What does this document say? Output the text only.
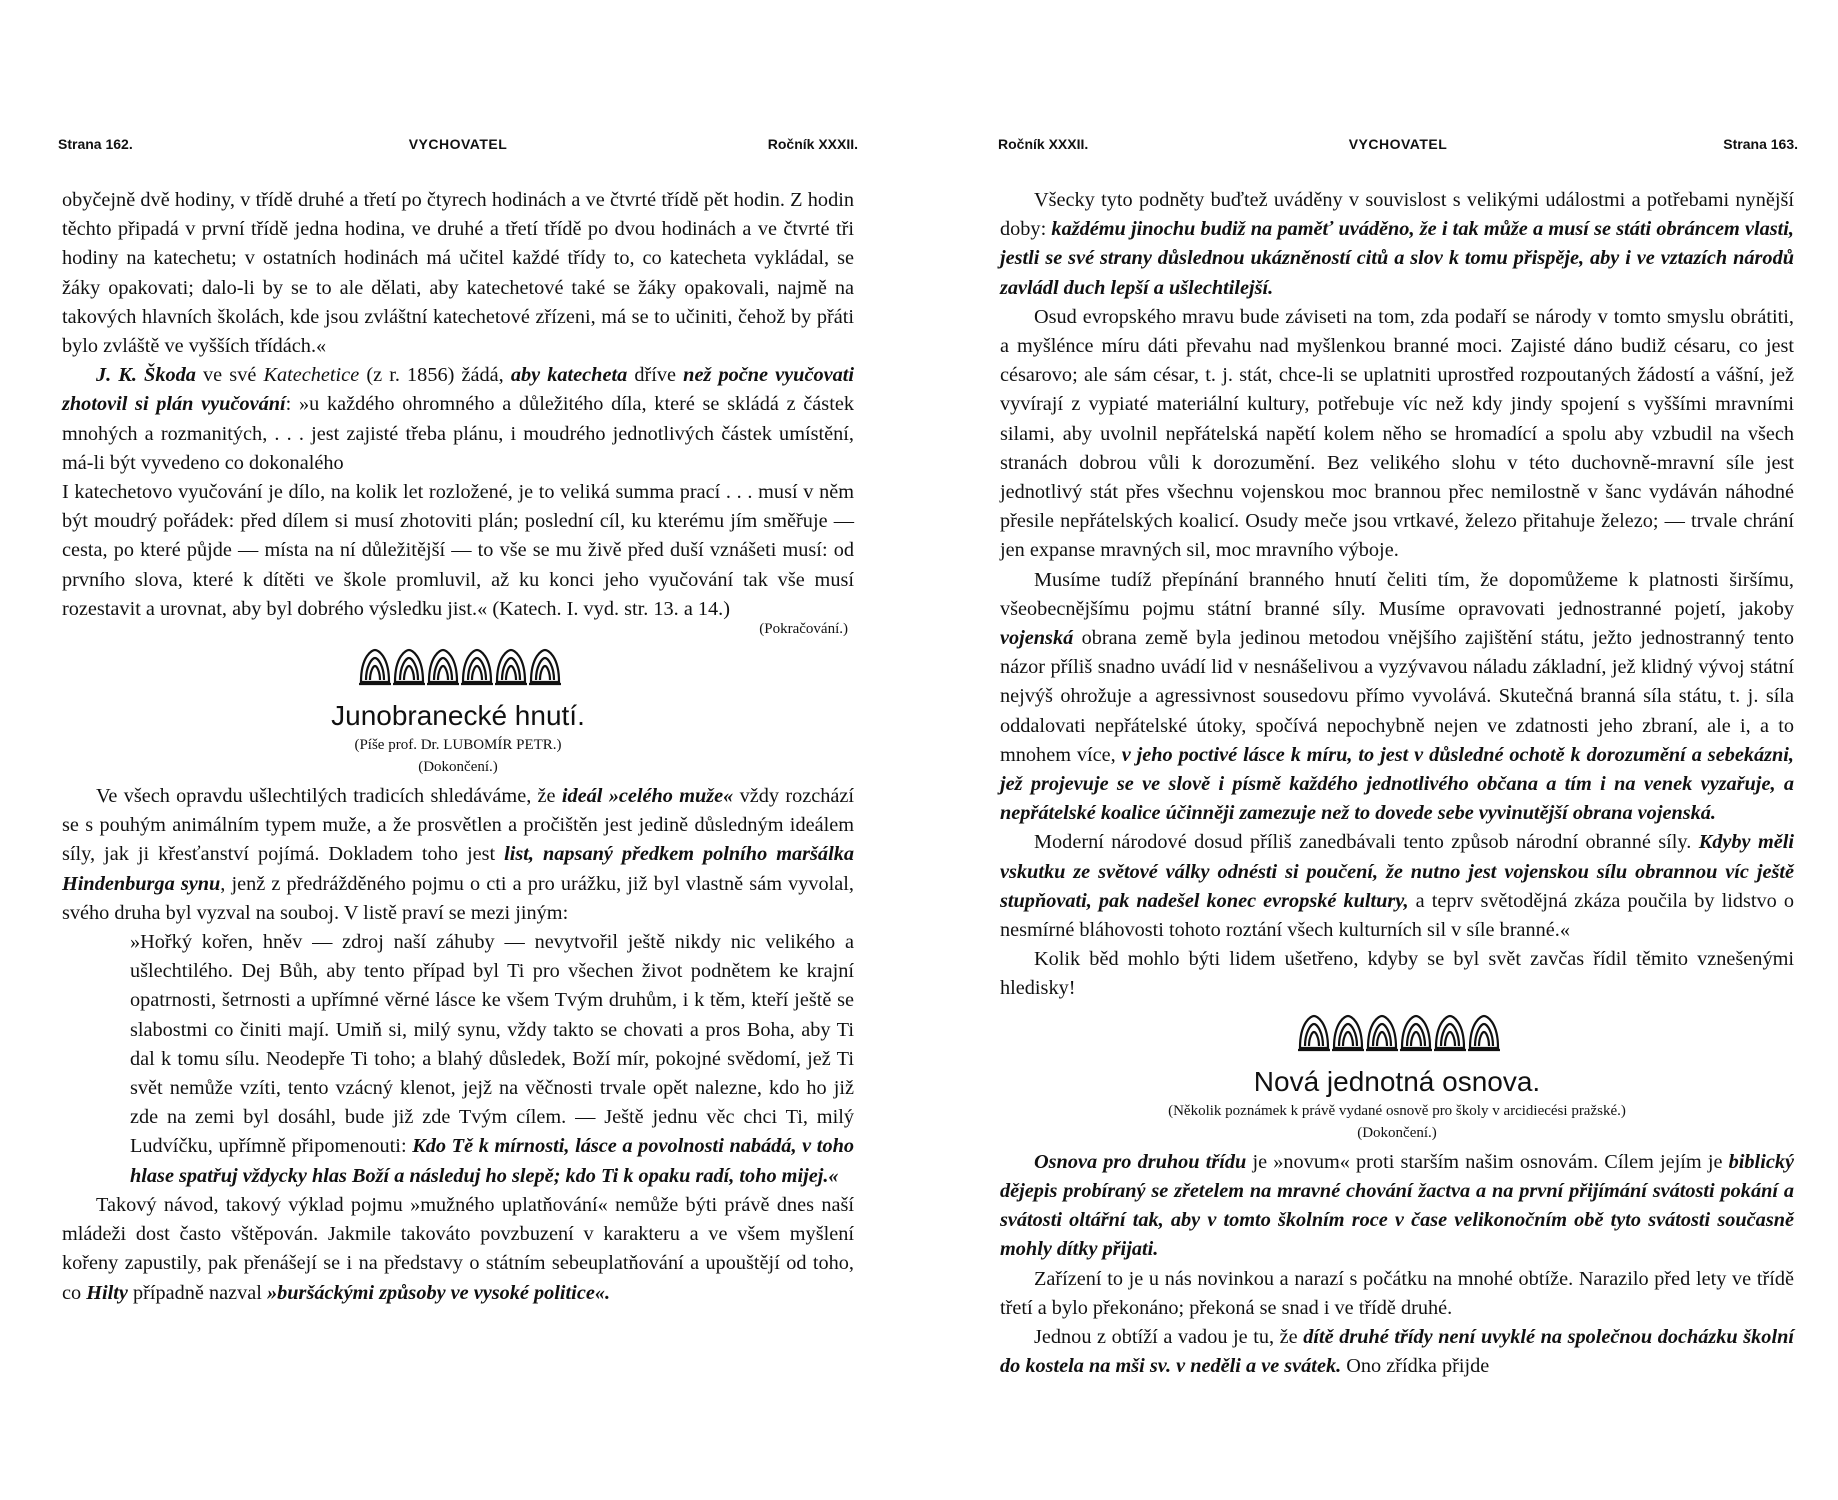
Strana 162.	VYCHOVATEL	Ročník XXXII.

obyčejně dvě hodiny, v třídě druhé a třetí po čtyrech hodinách a ve čtvrté třídě pět hodin. Z hodin těchto připadá v první třídě jedna hodina, ve druhé a třetí třídě po dvou hodinách a ve čtvrté tři hodiny na katechetu; v ostatních hodinách má učitel každé třídy to, co katecheta vykládal, se žáky opakovati; dalo-li by se to ale dělati, aby katechetové také se žáky opakovali, najmě na takových hlavních školách, kde jsou zvláštní katechetové zřízeni, má se to učiniti, čehož by přáti bylo zvláště ve vyšších třídách.«

J. K. Škoda ve své Katechetice (z r. 1856) žádá, aby katecheta dříve než počne vyučovati zhotovil si plán vyučování: »u každého ohromného a důležitého díla, které se skládá z částek mnohých a rozmanitých, . . . jest zajisté třeba plánu, i moudrého jednotlivých částek umístění, má-li být vyvedeno co dokonalého

I katechetovo vyučování je dílo, na kolik let rozložené, je to veliká summa prací . . . musí v něm být moudrý pořádek: před dílem si musí zhotoviti plán; poslední cíl, ku kterému jím směřuje — cesta, po které půjde — místa na ní důležitější — to vše se mu živě před duší vznášeti musí: od prvního slova, které k dítěti ve škole promluvil, až ku konci jeho vyučování tak vše musí rozestavit a urovnat, aby byl dobrého výsledku jist.« (Katech. I. vyd. str. 13. a 14.)

(Pokračování.)
Junobranecké hnutí.
(Píše prof. Dr. LUBOMÍR PETR.)
(Dokončení.)

Ve všech opravdu ušlechtilých tradicích shledáváme, že ideál »celého muže« vždy rozchází se s pouhým animálním typem muže, a že prosvětlen a pročištěn jest jedině důsledným ideálem síly, jak ji křesťanství pojímá. Dokladem toho jest list, napsaný předkem polního maršálka Hindenburga synu, jenž z předrážděného pojmu o cti a pro urážku, již byl vlastně sám vyvolal, svého druha byl vyzval na souboj. V listě praví se mezi jiným:

»Hořký kořen, hněv — zdroj naší záhuby — nevytvořil ještě nikdy nic velikého a ušlechtilého. Dej Bůh, aby tento případ byl Ti pro všechen život podnětem ke krajní opatrnosti, šetrnosti a upřímné věrné lásce ke všem Tvým druhům, i k těm, kteří ještě se slabostmi co činiti mají. Umiň si, milý synu, vždy takto se chovati a pros Boha, aby Ti dal k tomu sílu. Neodepře Ti toho; a blahý důsledek, Boží mír, pokojné svědomí, jež Ti svět nemůže vzíti, tento vzácný klenot, jejž na věčnosti trvale opět nalezne, kdo ho již zde na zemi byl dosáhl, bude již zde Tvým cílem. — Ještě jednu věc chci Ti, milý Ludvíčku, upřímně připomenouti: Kdo Tě k mírnosti, lásce a povolnosti nabádá, v toho hlase spatřuj vždycky hlas Boží a následuj ho slepě; kdo Ti k opaku radí, toho mijej.«

Takový návod, takový výklad pojmu »mužného uplatňování« nemůže býti právě dnes naší mládeži dost často vštěpován. Jakmile takováto povzbuzení v karakteru a ve všem myšlení kořeny zapustily, pak přenášejí se i na představy o státním sebeuplatňování a upouštějí od toho, co Hilty případně nazval »buršáckými způsoby ve vysoké politice«.

Ročník XXXII.	VYCHOVATEL	Strana 163.

Všecky tyto podněty buďtež uváděny v souvislost s velikými událostmi a potřebami nynější doby: každému jinochu budiž na paměť uváděno, že i tak může a musí se státi obráncem vlasti, jestli se své strany důslednou ukázněností citů a slov k tomu přispěje, aby i ve vztazích národů zavládl duch lepší a ušlechtilejší.

Osud evropského mravu bude záviseti na tom, zda podaří se národy v tomto smyslu obrátiti, a myšlénce míru dáti převahu nad myšlenkou branné moci. Zajisté dáno budiž césaru, co jest césarovo; ale sám césar, t. j. stát, chce-li se uplatniti uprostřed rozpoutaných žádostí a vášní, jež vyvírají z vypiaté materiální kultury, potřebuje víc než kdy jindy spojení s vyššími mravními silami, aby uvolnil nepřátelská napětí kolem něho se hromadící a spolu aby vzbudil na všech stranách dobrou vůli k dorozumění. Bez velikého slohu v této duchovně-mravní síle jest jednotlivý stát přes všechnu vojenskou moc brannou přec nemilostně v šanc vydáván náhodné přesile nepřátelských koalicí. Osudy meče jsou vrtkavé, železo přitahuje železo; — trvale chrání jen expanse mravných sil, moc mravního výboje.

Musíme tudíž přepínání branného hnutí čeliti tím, že dopomůžeme k platnosti širšímu, všeobecnějšímu pojmu státní branné síly. Musíme opravovati jednostranné pojetí, jakoby vojenská obrana země byla jedinou metodou vnějšího zajištění státu, ježto jednostranný tento názor příliš snadno uvádí lid v nesnášelivou a vyzývavou náladu základní, jež klidný vývoj státní nejvýš ohrožuje a agressivnost sousedovu přímo vyvolává. Skutečná branná síla státu, t. j. síla oddalovati nepřátelské útoky, spočívá nepochybně nejen ve zdatnosti jeho zbraní, ale i, a to mnohem více, v jeho poctivé lásce k míru, to jest v důsledné ochotě k dorozumění a sebekázni, jež projevuje se ve slově i písmě každého jednotlivého občana a tím i na venek vyzařuje, a nepřátelské koalice účinněji zamezuje než to dovede sebe vyvinutější obrana vojenská.

Moderní národové dosud příliš zanedbávali tento způsob národní obranné síly. Kdyby měli vskutku ze světové války odnésti si poučení, že nutno jest vojenskou sílu obrannou víc ještě stupňovati, pak nadešel konec evropské kultury, a teprv světodějná zkáza poučila by lidstvo o nesmírné bláhovosti tohoto roztání všech kulturních sil v síle branné.«

Kolik běd mohlo býti lidem ušetřeno, kdyby se byl svět zavčas řídil těmito vznešenými hledisky!

Nová jednotná osnova.
(Několik poznámek k právě vydané osnově pro školy v arcidiecési pražské.)
(Dokončení.)

Osnova pro druhou třídu je »novum« proti starším našim osnovám. Cílem jejím je biblický dějepis probíraný se zřetelem na mravné chování žactva a na první přijímání svátosti pokání a svátosti oltářní tak, aby v tomto školním roce v čase velikonočním obě tyto svátosti současně mohly dítky přijati.

Zařízení to je u nás novinkou a narazí s počátku na mnohé obtíže. Narazilo před lety ve třídě třetí a bylo překonáno; překoná se snad i ve třídě druhé.

Jednou z obtíží a vadou je tu, že dítě druhé třídy není uvyklé na společnou docházku školní do kostela na mši sv. v neděli a ve svátek. Ono zřídka přijde
